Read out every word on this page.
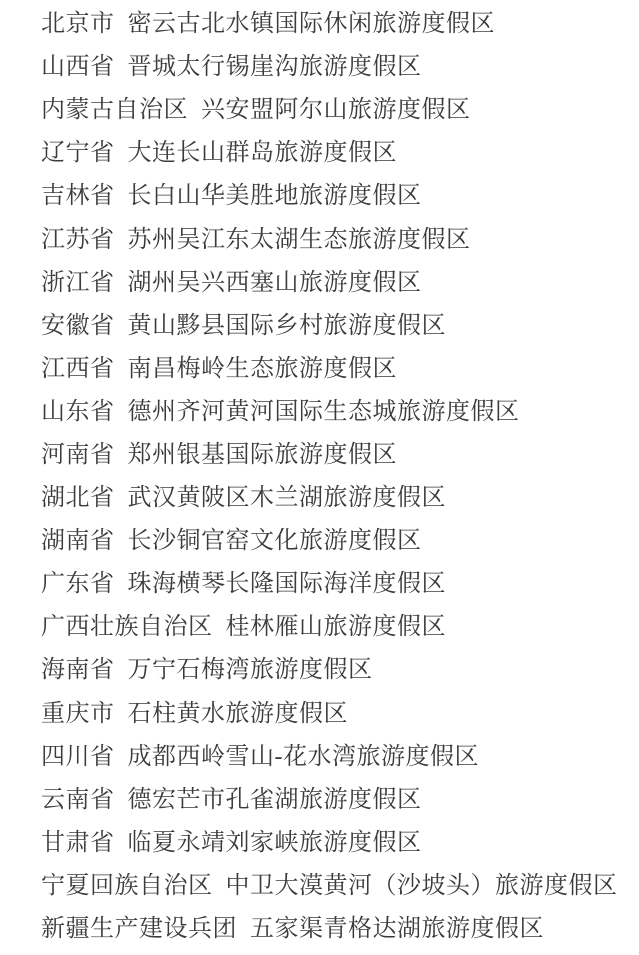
北京市 密云古北水镇国际休闲旅游度假区
山西省 晋城太行锡崖沟旅游度假区
内蒙古自治区 兴安盟阿尔山旅游度假区
辽宁省 大连长山群岛旅游度假区
吉林省 长白山华美胜地旅游度假区
江苏省 苏州吴江东太湖生态旅游度假区
浙江省 湖州吴兴西塞山旅游度假区
安徽省 黄山黟县国际乡村旅游度假区
江西省 南昌梅岭生态旅游度假区
山东省 德州齐河黄河国际生态城旅游度假区
河南省 郑州银基国际旅游度假区
湖北省 武汉黄陂区木兰湖旅游度假区
湖南省 长沙铜官窑文化旅游度假区
广东省 珠海横琴长隆国际海洋度假区
广西壮族自治区 桂林雁山旅游度假区
海南省 万宁石梅湾旅游度假区
重庆市 石柱黄水旅游度假区
四川省 成都西岭雪山-花水湾旅游度假区
云南省 德宏芒市孔雀湖旅游度假区
甘肃省 临夏永靖刘家峡旅游度假区
宁夏回族自治区 中卫大漠黄河（沙坡头）旅游度假区
新疆生产建设兵团 五家渠青格达湖旅游度假区
